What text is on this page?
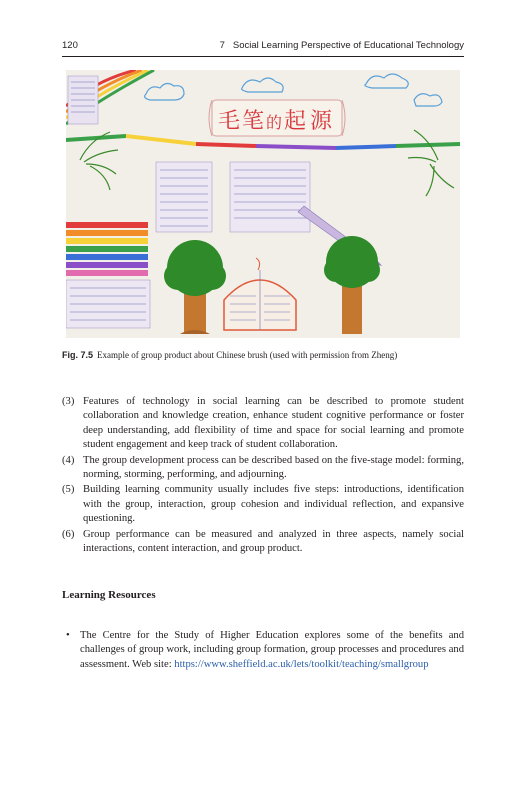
120	7   Social Learning Perspective of Educational Technology
毛 笔 的 起 源
Fig. 7.5 Example of group product about Chinese brush (used with permission from Zheng)
(3) Features of technology in social learning can be described to promote student collaboration and knowledge creation, enhance student cognitive performance or foster deep understanding, add flexibility of time and space for social learning and promote student engagement and keep track of student collaboration.
(4) The group development process can be described based on the five-stage model: forming, norming, storming, performing, and adjourning.
(5) Building learning community usually includes five steps: introductions, identification with the group, interaction, group cohesion and individual reflection, and expansive questioning.
(6) Group performance can be measured and analyzed in three aspects, namely social interactions, content interaction, and group product.
Learning Resources
• The Centre for the Study of Higher Education explores some of the benefits and challenges of group work, including group formation, group processes and procedures and assessment. Web site: https://www.sheffield.ac.uk/lets/toolkit/teaching/smallgroup
